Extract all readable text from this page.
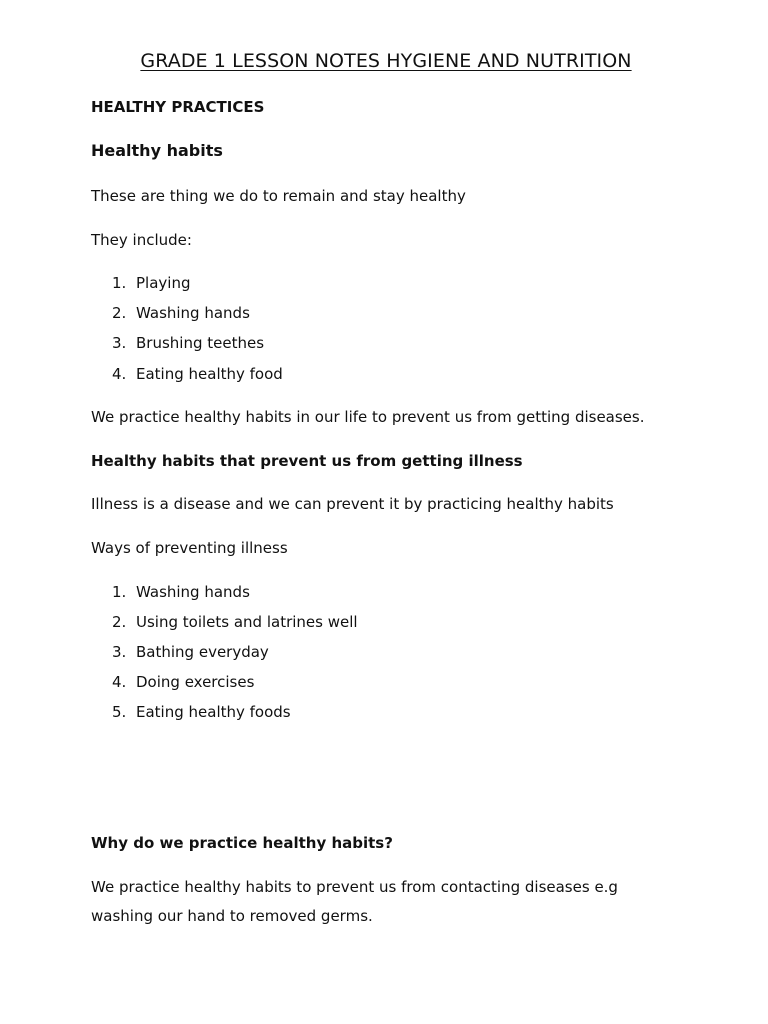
GRADE 1 LESSON NOTES HYGIENE AND NUTRITION
HEALTHY PRACTICES
Healthy habits
These are thing we do to remain and stay healthy
They include:
1. Playing
2. Washing hands
3. Brushing teethes
4. Eating healthy food
We practice healthy habits in our life to prevent us from getting diseases.
Healthy habits that prevent us from getting illness
Illness is a disease and we can prevent it by practicing healthy habits
Ways of preventing illness
1. Washing hands
2. Using toilets and latrines well
3. Bathing everyday
4. Doing exercises
5. Eating healthy foods
Why do we practice healthy habits?
We practice healthy habits to prevent us from contacting diseases e.g
washing our hand to removed germs.
